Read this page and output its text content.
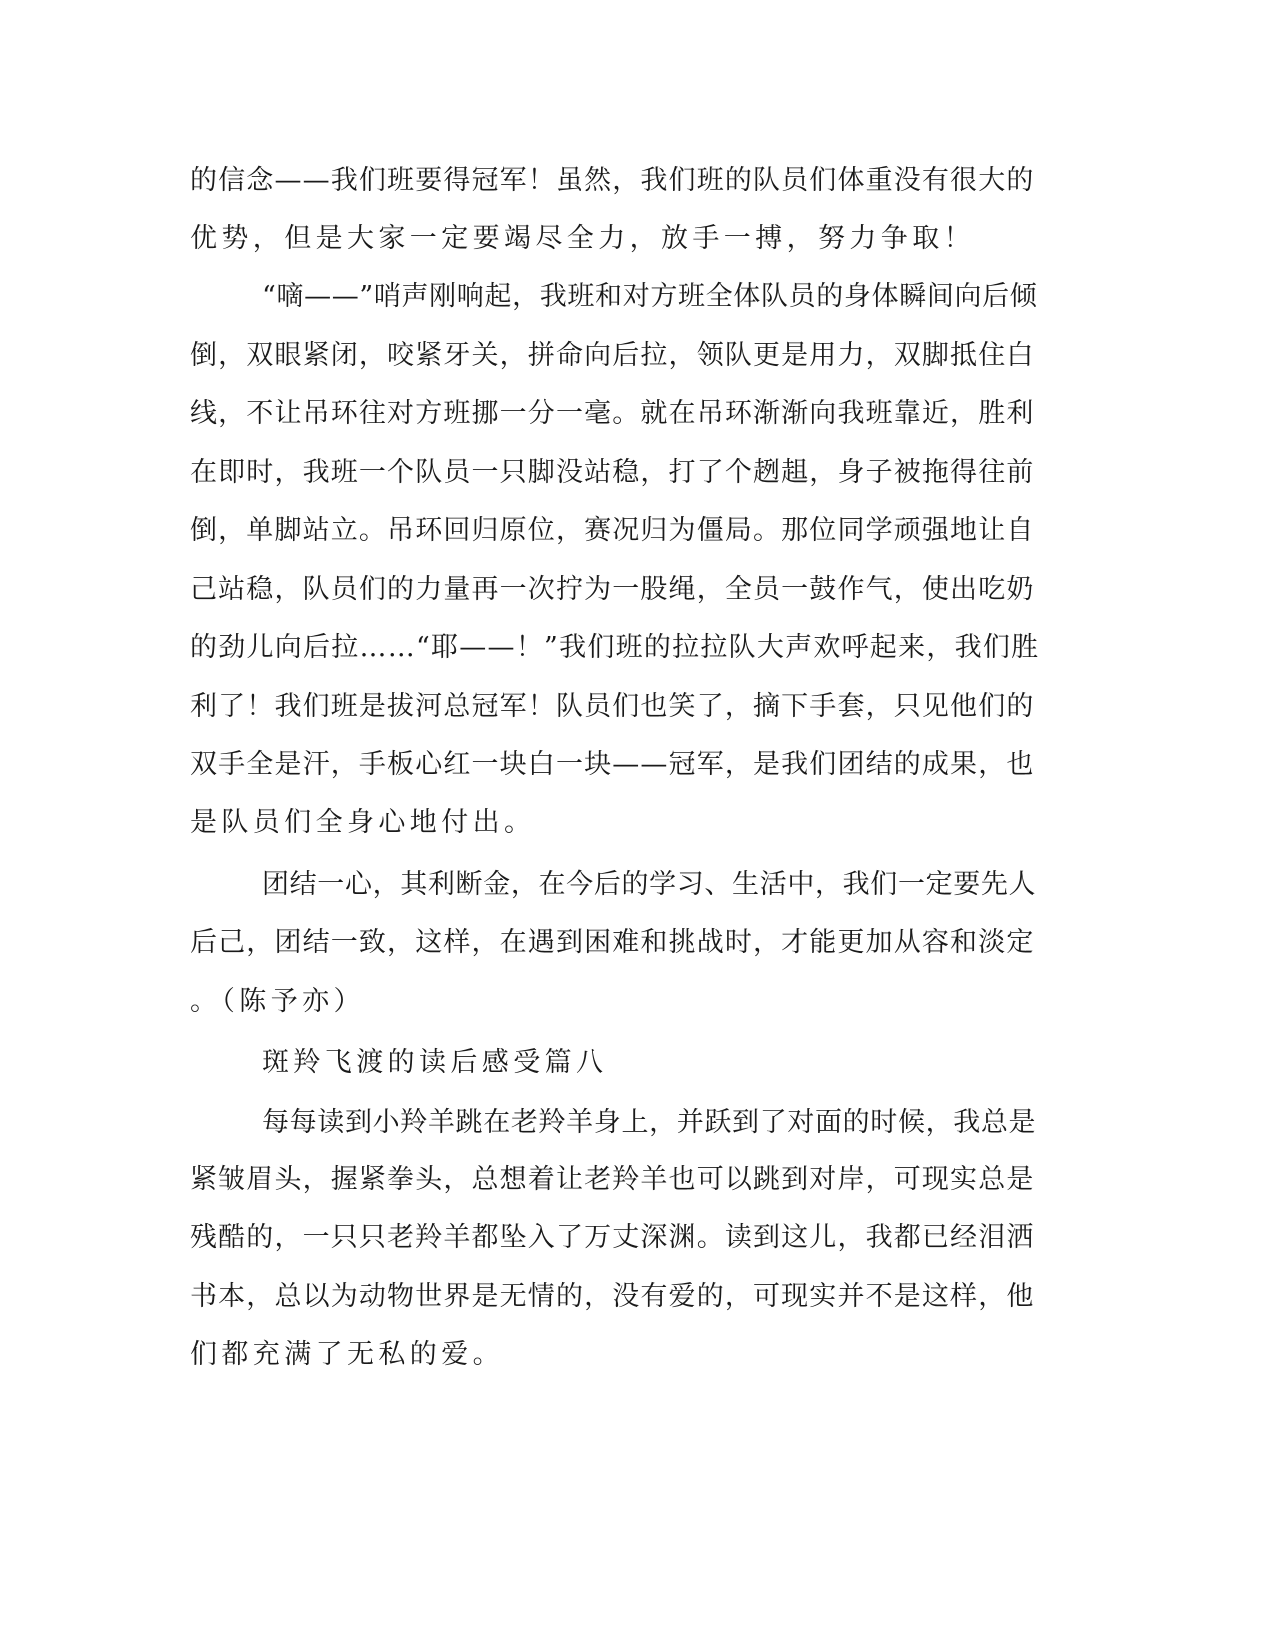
的信念——我们班要得冠军！虽然，我们班的队员们体重没有很大的
优势，但是大家一定要竭尽全力，放手一搏，努力争取！
“嘀——”哨声刚响起，我班和对方班全体队员的身体瞬间向后倾
倒，双眼紧闭，咬紧牙关，拼命向后拉，领队更是用力，双脚抵住白
线，不让吊环往对方班挪一分一毫。就在吊环渐渐向我班靠近，胜利
在即时，我班一个队员一只脚没站稳，打了个趔趄，身子被拖得往前
倒，单脚站立。吊环回归原位，赛况归为僵局。那位同学顽强地让自
己站稳，队员们的力量再一次拧为一股绳，全员一鼓作气，使出吃奶
的劲儿向后拉……“耶——！”我们班的拉拉队大声欢呼起来，我们胜
利了！我们班是拔河总冠军！队员们也笑了，摘下手套，只见他们的
双手全是汗，手板心红一块白一块——冠军，是我们团结的成果，也
是队员们全身心地付出。
团结一心，其利断金，在今后的学习、生活中，我们一定要先人
后己，团结一致，这样，在遇到困难和挑战时，才能更加从容和淡定
。（陈予亦）
斑羚飞渡的读后感受篇八
每每读到小羚羊跳在老羚羊身上，并跃到了对面的时候，我总是
紧皱眉头，握紧拳头，总想着让老羚羊也可以跳到对岸，可现实总是
残酷的，一只只老羚羊都坠入了万丈深渊。读到这儿，我都已经泪洒
书本，总以为动物世界是无情的，没有爱的，可现实并不是这样，他
们都充满了无私的爱。
